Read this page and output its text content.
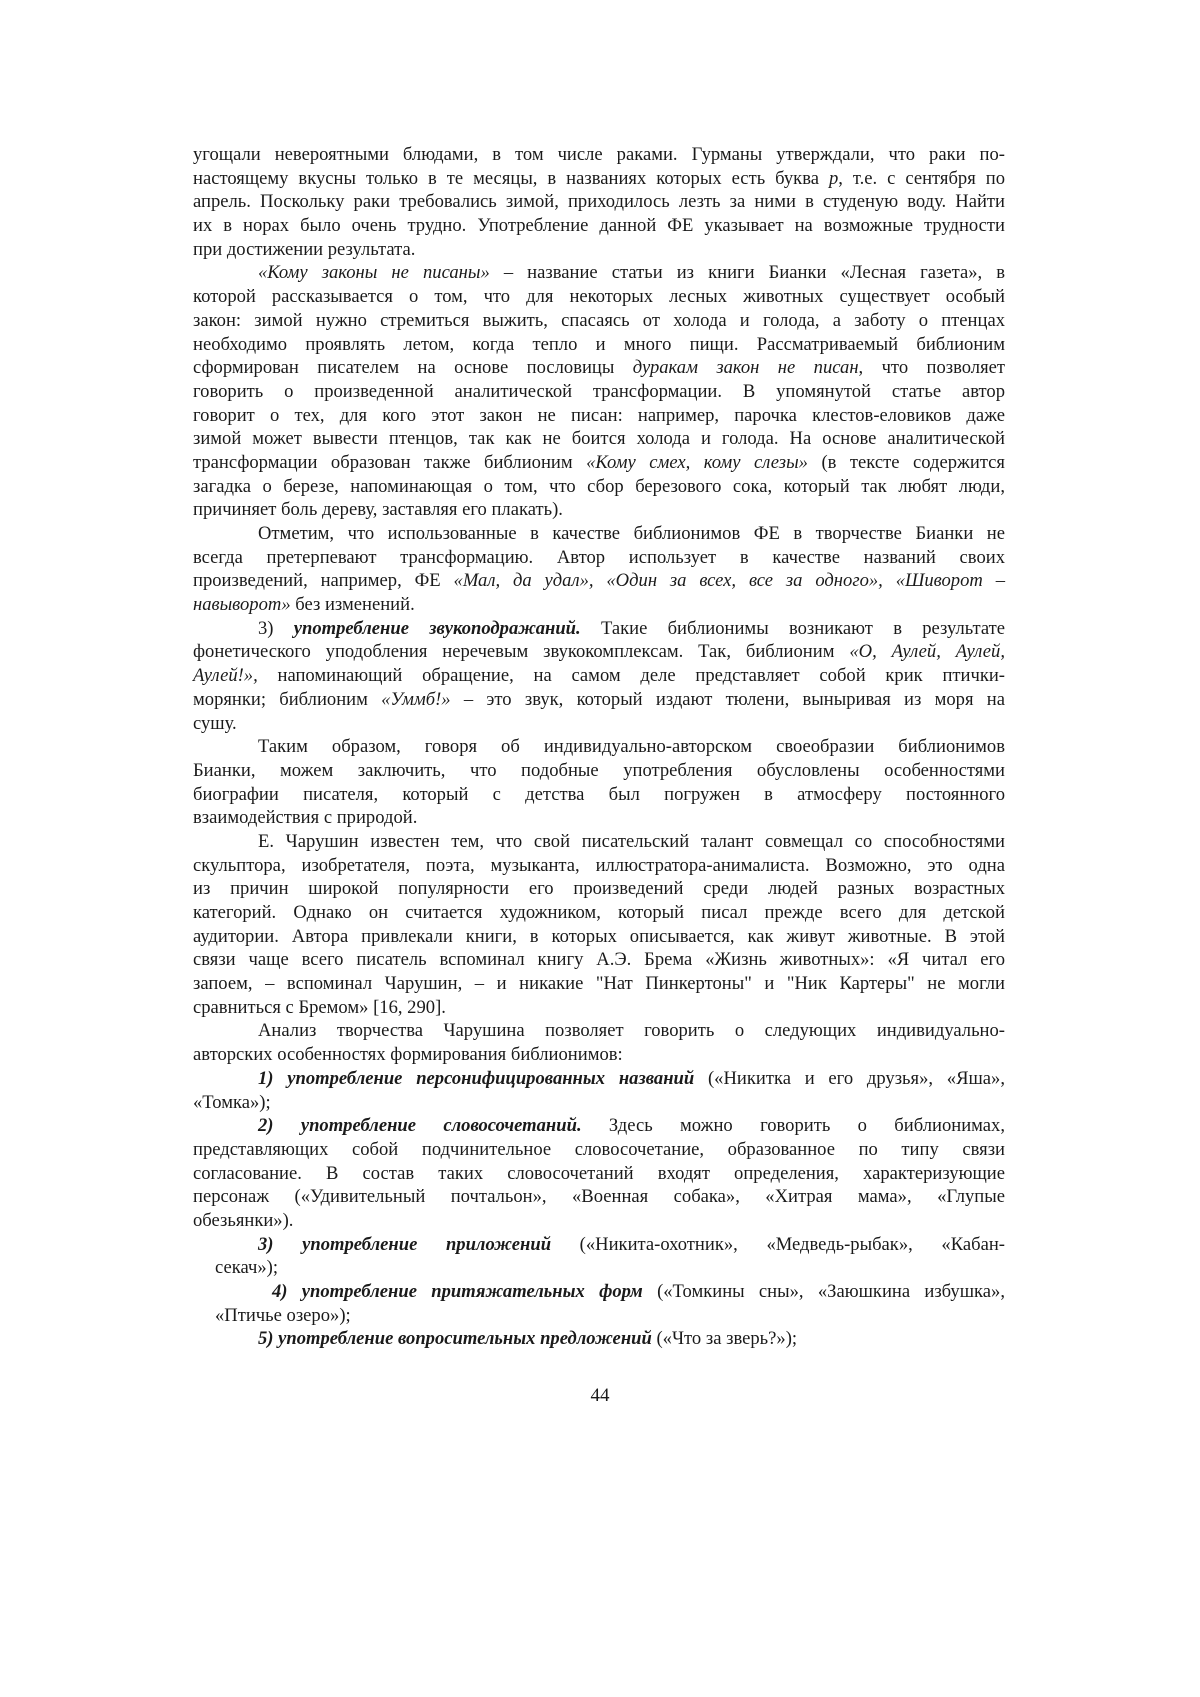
угощали невероятными блюдами, в том числе раками. Гурманы утверждали, что раки по-
настоящему вкусны только в те месяцы, в названиях которых есть буква р, т.е. с сентября по
апрель. Поскольку раки требовались зимой, приходилось лезть за ними в студеную воду. Найти
их в норах было очень трудно. Употребление данной ФЕ указывает на возможные трудности
при достижении результата.
«Кому законы не писаны» – название статьи из книги Бианки «Лесная газета», в
которой рассказывается о том, что для некоторых лесных животных существует особый
закон: зимой нужно стремиться выжить, спасаясь от холода и голода, а заботу о птенцах
необходимо проявлять летом, когда тепло и много пищи. Рассматриваемый библионим
сформирован писателем на основе пословицы дуракам закон не писан, что позволяет
говорить о произведенной аналитической трансформации. В упомянутой статье автор
говорит о тех, для кого этот закон не писан: например, парочка клестов-еловиков даже
зимой может вывести птенцов, так как не боится холода и голода. На основе аналитической
трансформации образован также библионим «Кому смех, кому слезы» (в тексте содержится
загадка о березе, напоминающая о том, что сбор березового сока, который так любят люди,
причиняет боль дереву, заставляя его плакать).
Отметим, что использованные в качестве библионимов ФЕ в творчестве Бианки не
всегда претерпевают трансформацию. Автор использует в качестве названий своих
произведений, например, ФЕ «Мал, да удал», «Один за всех, все за одного», «Шиворот –
навыворот» без изменений.
3) употребление звукоподражаний. Такие библионимы возникают в результате
фонетического уподобления неречевым звукокомплексам. Так, библионим «О, Аулей, Аулей,
Аулей!», напоминающий обращение, на самом деле представляет собой крик птички-
морянки; библионим «Уммб!» – это звук, который издают тюлени, выныривая из моря на
сушу.
Таким образом, говоря об индивидуально-авторском своеобразии библионимов
Бианки, можем заключить, что подобные употребления обусловлены особенностями
биографии писателя, который с детства был погружен в атмосферу постоянного
взаимодействия с природой.
Е. Чарушин известен тем, что свой писательский талант совмещал со способностями
скульптора, изобретателя, поэта, музыканта, иллюстратора-анималиста. Возможно, это одна
из причин широкой популярности его произведений среди людей разных возрастных
категорий. Однако он считается художником, который писал прежде всего для детской
аудитории. Автора привлекали книги, в которых описывается, как живут животные. В этой
связи чаще всего писатель вспоминал книгу А.Э. Брема «Жизнь животных»: «Я читал его
запоем, – вспоминал Чарушин, – и никакие "Нат Пинкертоны" и "Ник Картеры" не могли
сравниться с Бремом» [16, 290].
Анализ творчества Чарушина позволяет говорить о следующих индивидуально-
авторских особенностях формирования библионимов:
1) употребление персонифицированных названий («Никитка и его друзья», «Яша»,
«Томка»);
2) употребление словосочетаний. Здесь можно говорить о библионимах,
представляющих собой подчинительное словосочетание, образованное по типу связи
согласование. В состав таких словосочетаний входят определения, характеризующие
персонаж («Удивительный почтальон», «Военная собака», «Хитрая мама», «Глупые
обезьянки»).
3) употребление приложений («Никита-охотник», «Медведь-рыбак», «Кабан-
секач»);
4) употребление притяжательных форм («Томкины сны», «Заюшкина избушка»,
«Птичье озеро»);
5) употребление вопросительных предложений («Что за зверь?»);
44
